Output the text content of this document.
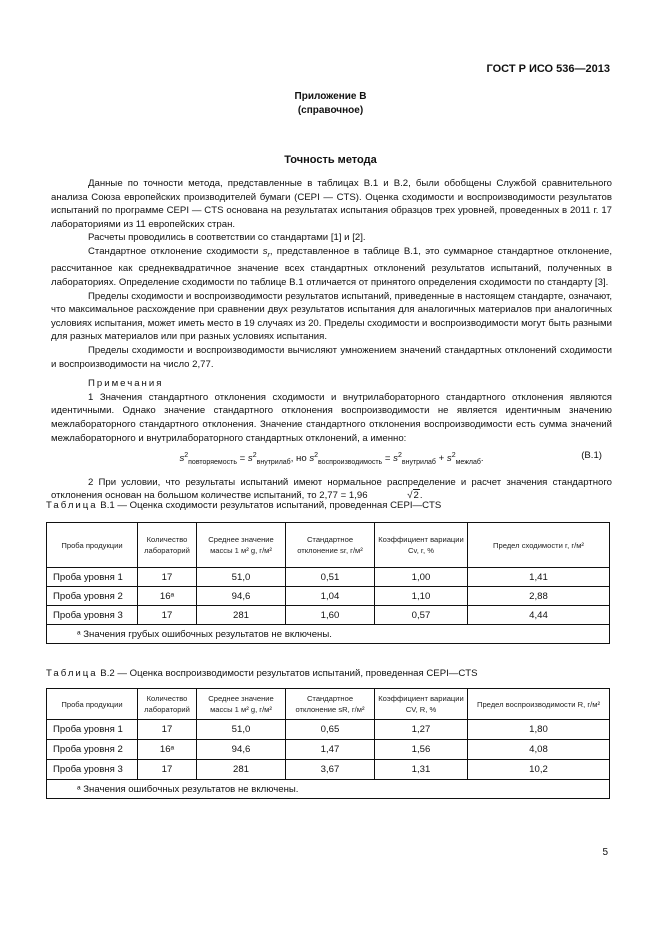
ГОСТ Р ИСО 536—2013
Приложение В
(справочное)
Точность метода

Данные по точности метода, представленные в таблицах В.1 и В.2, были обобщены Службой сравнительного анализа Союза европейских производителей бумаги (CEPI — CTS). Оценка сходимости и воспроизводимости результатов испытаний по программе CEPI — CTS основана на результатах испытания образцов трех уровней, проведенных в 2011 г. 17 лабораториями из 11 европейских стран.

Расчеты проводились в соответствии со стандартами [1] и [2].

Стандартное отклонение сходимости $s_r$, представленное в таблице В.1, это суммарное стандартное отклонение, рассчитанное как среднеквадратичное значение всех стандартных отклонений результатов испытаний, полученных в лабораториях. Определение сходимости по таблице В.1 отличается от принятого определения сходимости по стандарту [3].

Пределы сходимости и воспроизводимости результатов испытаний, приведенные в настоящем стандарте, означают, что максимальное расхождение при сравнении двух результатов испытания для аналогичных материалов при аналогичных условиях испытания, может иметь место в 19 случаях из 20. Пределы сходимости и воспроизводимости могут быть разными для разных материалов или при разных условиях испытания.

Пределы сходимости и воспроизводимости вычисляют умножением значений стандартных отклонений сходимости и воспроизводимости на число 2,77.

Примечания

1 Значения стандартного отклонения сходимости и внутрилабораторного стандартного отклонения являются идентичными. Однако значение стандартного отклонения воспроизводимости не является идентичным значению межлабораторного стандартного отклонения. Значение стандартного отклонения воспроизводимости есть сумма значений межлабораторного и внутрилабораторного стандартных отклонений, а именно:

$s^2_{повторяемость} = s^2_{внутрилаб}$, но $s^2_{воспроизводимость} = s^2_{внутрилаб} + s^2_{межлаб}$.	(B.1)

2 При условии, что результаты испытаний имеют нормальное распределение и расчет значения стандартного отклонения основан на большом количестве испытаний, то 2,77 = 1,96	√2.

Таблица В.1 — Оценка сходимости результатов испытаний, проведенная CEPI—CTS
Проба продукции	Количество лабораторий	Среднее значение массы 1 м² g, г/м²	Стандартное отклонение sr, г/м²	Коэффициент вариации Cv, r, %	Предел сходимости r, г/м²
Проба уровня 1	17	51,0	0,51	1,00	1,41
Проба уровня 2	16ᵃ	94,6	1,04	1,10	2,88
Проба уровня 3	17	281	1,60	0,57	4,44
ᵃ Значения грубых ошибочных результатов не включены.					
Таблица В.2 — Оценка воспроизводимости результатов испытаний, проведенная CEPI—CTS
Проба продукции	Количество лабораторий	Среднее значение массы 1 м² g, г/м²	Стандартное отклонение sR, г/м²	Коэффициент вариации CV, R, %	Предел воспроизводимости R, г/м²
Проба уровня 1	17	51,0	0,65	1,27	1,80
Проба уровня 2	16ᵃ	94,6	1,47	1,56	4,08
Проба уровня 3	17	281	3,67	1,31	10,2
ᵃ Значения ошибочных результатов не включены.					
5
